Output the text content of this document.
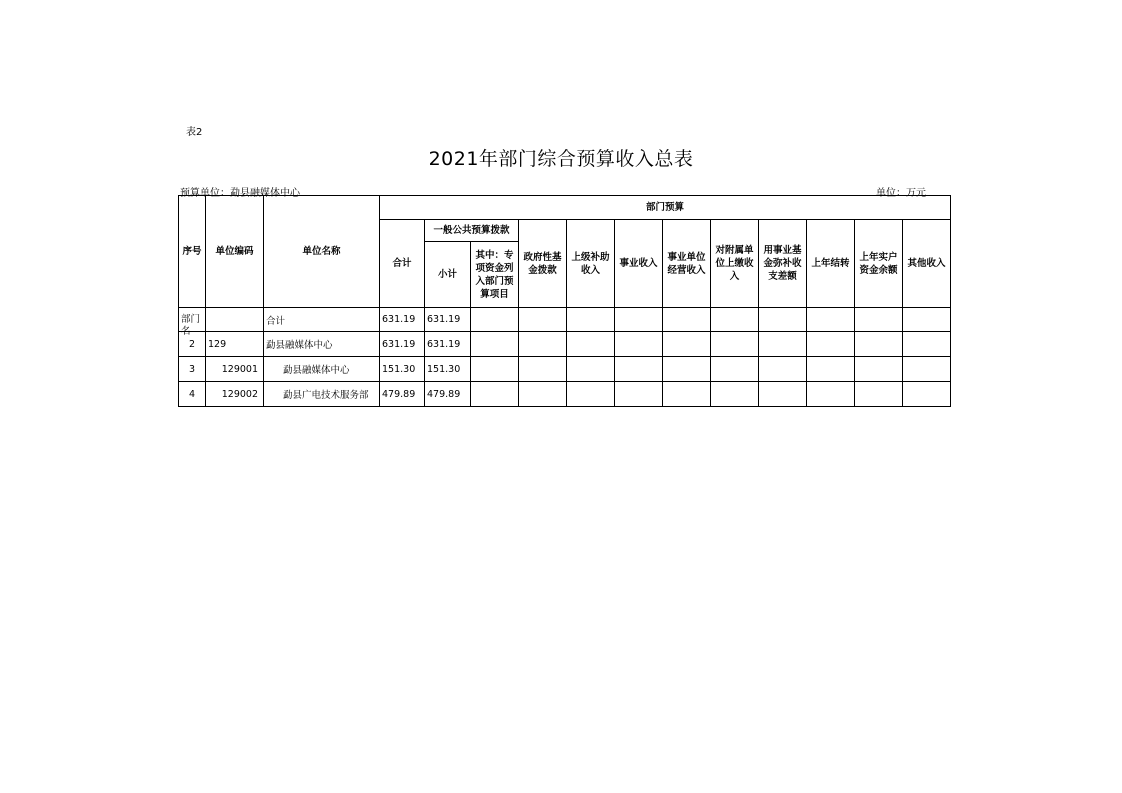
表2
2021年部门综合预算收入总表
预算单位：勐县融媒体中心	单位：万元
序号	单位编码	单位名称	部门预算											
			合计	一般公共预算拨款		政府性基金拨款	上级补助收入	事业收入	事业单位经营收入	对附属单位上缴收入	用事业基金弥补收支差额	上年结转	上年实户资金余额	其他收入
				小计	其中：专项资金列入部门预算项目									

部门名		合计	631.19	631.19										
2	129	勐县融媒体中心	631.19	631.19										
3	129001	勐县融媒体中心	151.30	151.30										
4	129002	勐县广电技术服务部	479.89	479.89										
